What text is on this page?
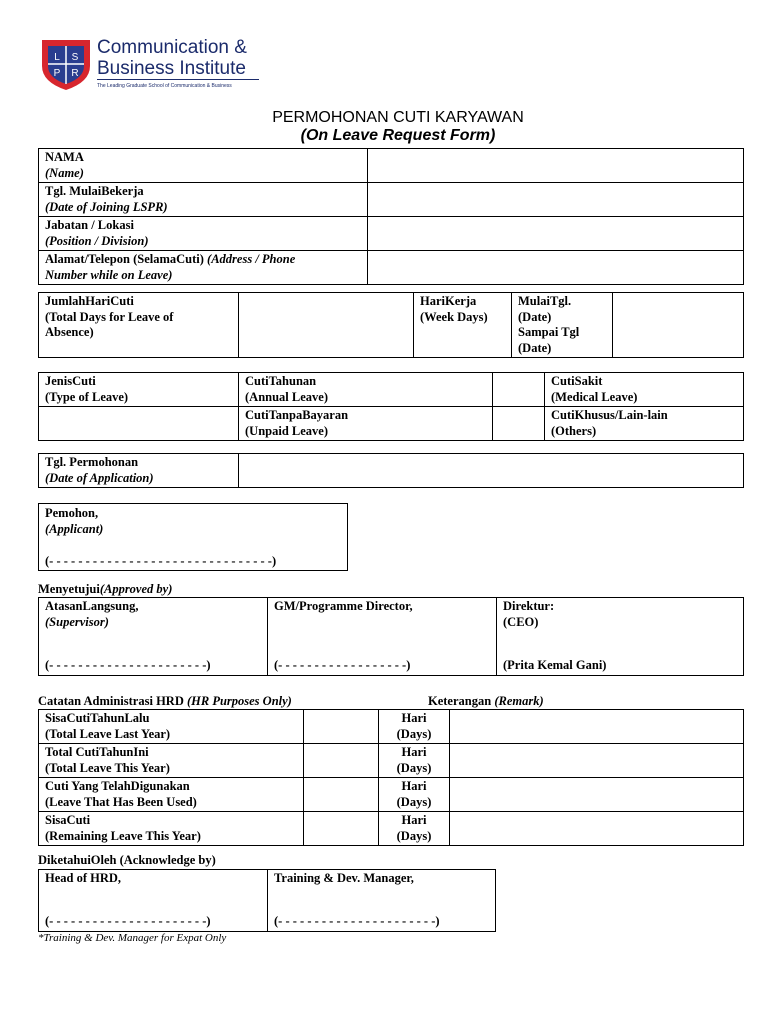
L S
P R
Communication &
Business Institute
The Leading Graduate School of Communication & Business
PERMOHONAN CUTI KARYAWAN
(On Leave Request Form)
NAMA
(Name)	
Tgl. MulaiBekerja
(Date of Joining LSPR)	
Jabatan / Lokasi
(Position / Division)	
Alamat/Telepon (SelamaCuti) (Address / Phone
Number while on Leave)	
JumlahHariCuti
(Total Days for Leave of
Absence)		HariKerja
(Week Days)	MulaiTgl.
(Date)
Sampai Tgl
(Date)	
JenisCuti
(Type of Leave)	CutiTahunan
(Annual Leave)		CutiSakit
(Medical Leave)
	CutiTanpaBayaran
(Unpaid Leave)		CutiKhusus/Lain-lain
(Others)
Tgl. Permohonan
(Date of Application)	
Pemohon,
(Applicant)

(- - - - - - - - - - - - - - - - - - - - - - - - - - - - - - -)
Menyetujui(Approved by)
AtasanLangsung,
(Supervisor)
(- - - - - - - - - - - - - - - - - - - - - -)
	GM/Programme Director,
(- - - - - - - - - - - - - - - - - -)
	Direktur:
(CEO)
(Prita Kemal Gani)
Catatan Administrasi HRD (HR Purposes Only)	Keterangan (Remark)
SisaCutiTahunLalu
(Total Leave Last Year)		Hari
(Days)	
Total CutiTahunIni
(Total Leave This Year)		Hari
(Days)	
Cuti Yang TelahDigunakan
(Leave That Has Been Used)		Hari
(Days)	
SisaCuti
(Remaining Leave This Year)		Hari
(Days)	
DiketahuiOleh (Acknowledge by)
Head of HRD,
(- - - - - - - - - - - - - - - - - - - - - -)
	Training & Dev. Manager,
(- - - - - - - - - - - - - - - - - - - - - -)
*Training & Dev. Manager for Expat Only
